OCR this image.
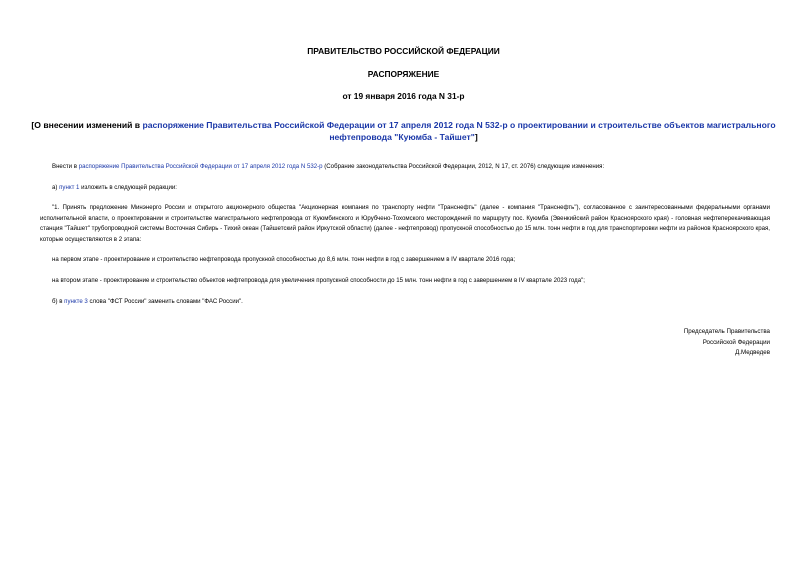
ПРАВИТЕЛЬСТВО РОССИЙСКОЙ ФЕДЕРАЦИИ
РАСПОРЯЖЕНИЕ
от 19 января 2016 года N 31-р
[О внесении изменений в распоряжение Правительства Российской Федерации от 17 апреля 2012 года N 532-р о проектировании и строительстве объектов магистрального нефтепровода "Куюмба - Тайшет"]
Внести в распоряжение Правительства Российской Федерации от 17 апреля 2012 года N 532-р (Собрание законодательства Российской Федерации, 2012, N 17, ст. 2076) следующие изменения:
а) пункт 1 изложить в следующей редакции:
"1. Принять предложение Минэнерго России и открытого акционерного общества "Акционерная компания по транспорту нефти "Транснефть" (далее - компания "Транснефть"), согласованное с заинтересованными федеральными органами исполнительной власти, о проектировании и строительстве магистрального нефтепровода от Куюмбинского и Юрубчено-Тохомского месторождений по маршруту пос. Куюмба (Эвенкийский район Красноярского края) - головная нефтеперекачивающая станция "Тайшет" трубопроводной системы Восточная Сибирь - Тихий океан (Тайшетский район Иркутской области) (далее - нефтепровод) пропускной способностью до 15 млн. тонн нефти в год для транспортировки нефти из районов Красноярского края, которые осуществляются в 2 этапа:
на первом этапе - проектирование и строительство нефтепровода пропускной способностью до 8,6 млн. тонн нефти в год с завершением в IV квартале 2016 года;
на втором этапе - проектирование и строительство объектов нефтепровода для увеличения пропускной способности до 15 млн. тонн нефти в год с завершением в IV квартале 2023 года";
б) в пункте 3 слова "ФСТ России" заменить словами "ФАС России".
Председатель Правительства
Российской Федерации
Д.Медведев
